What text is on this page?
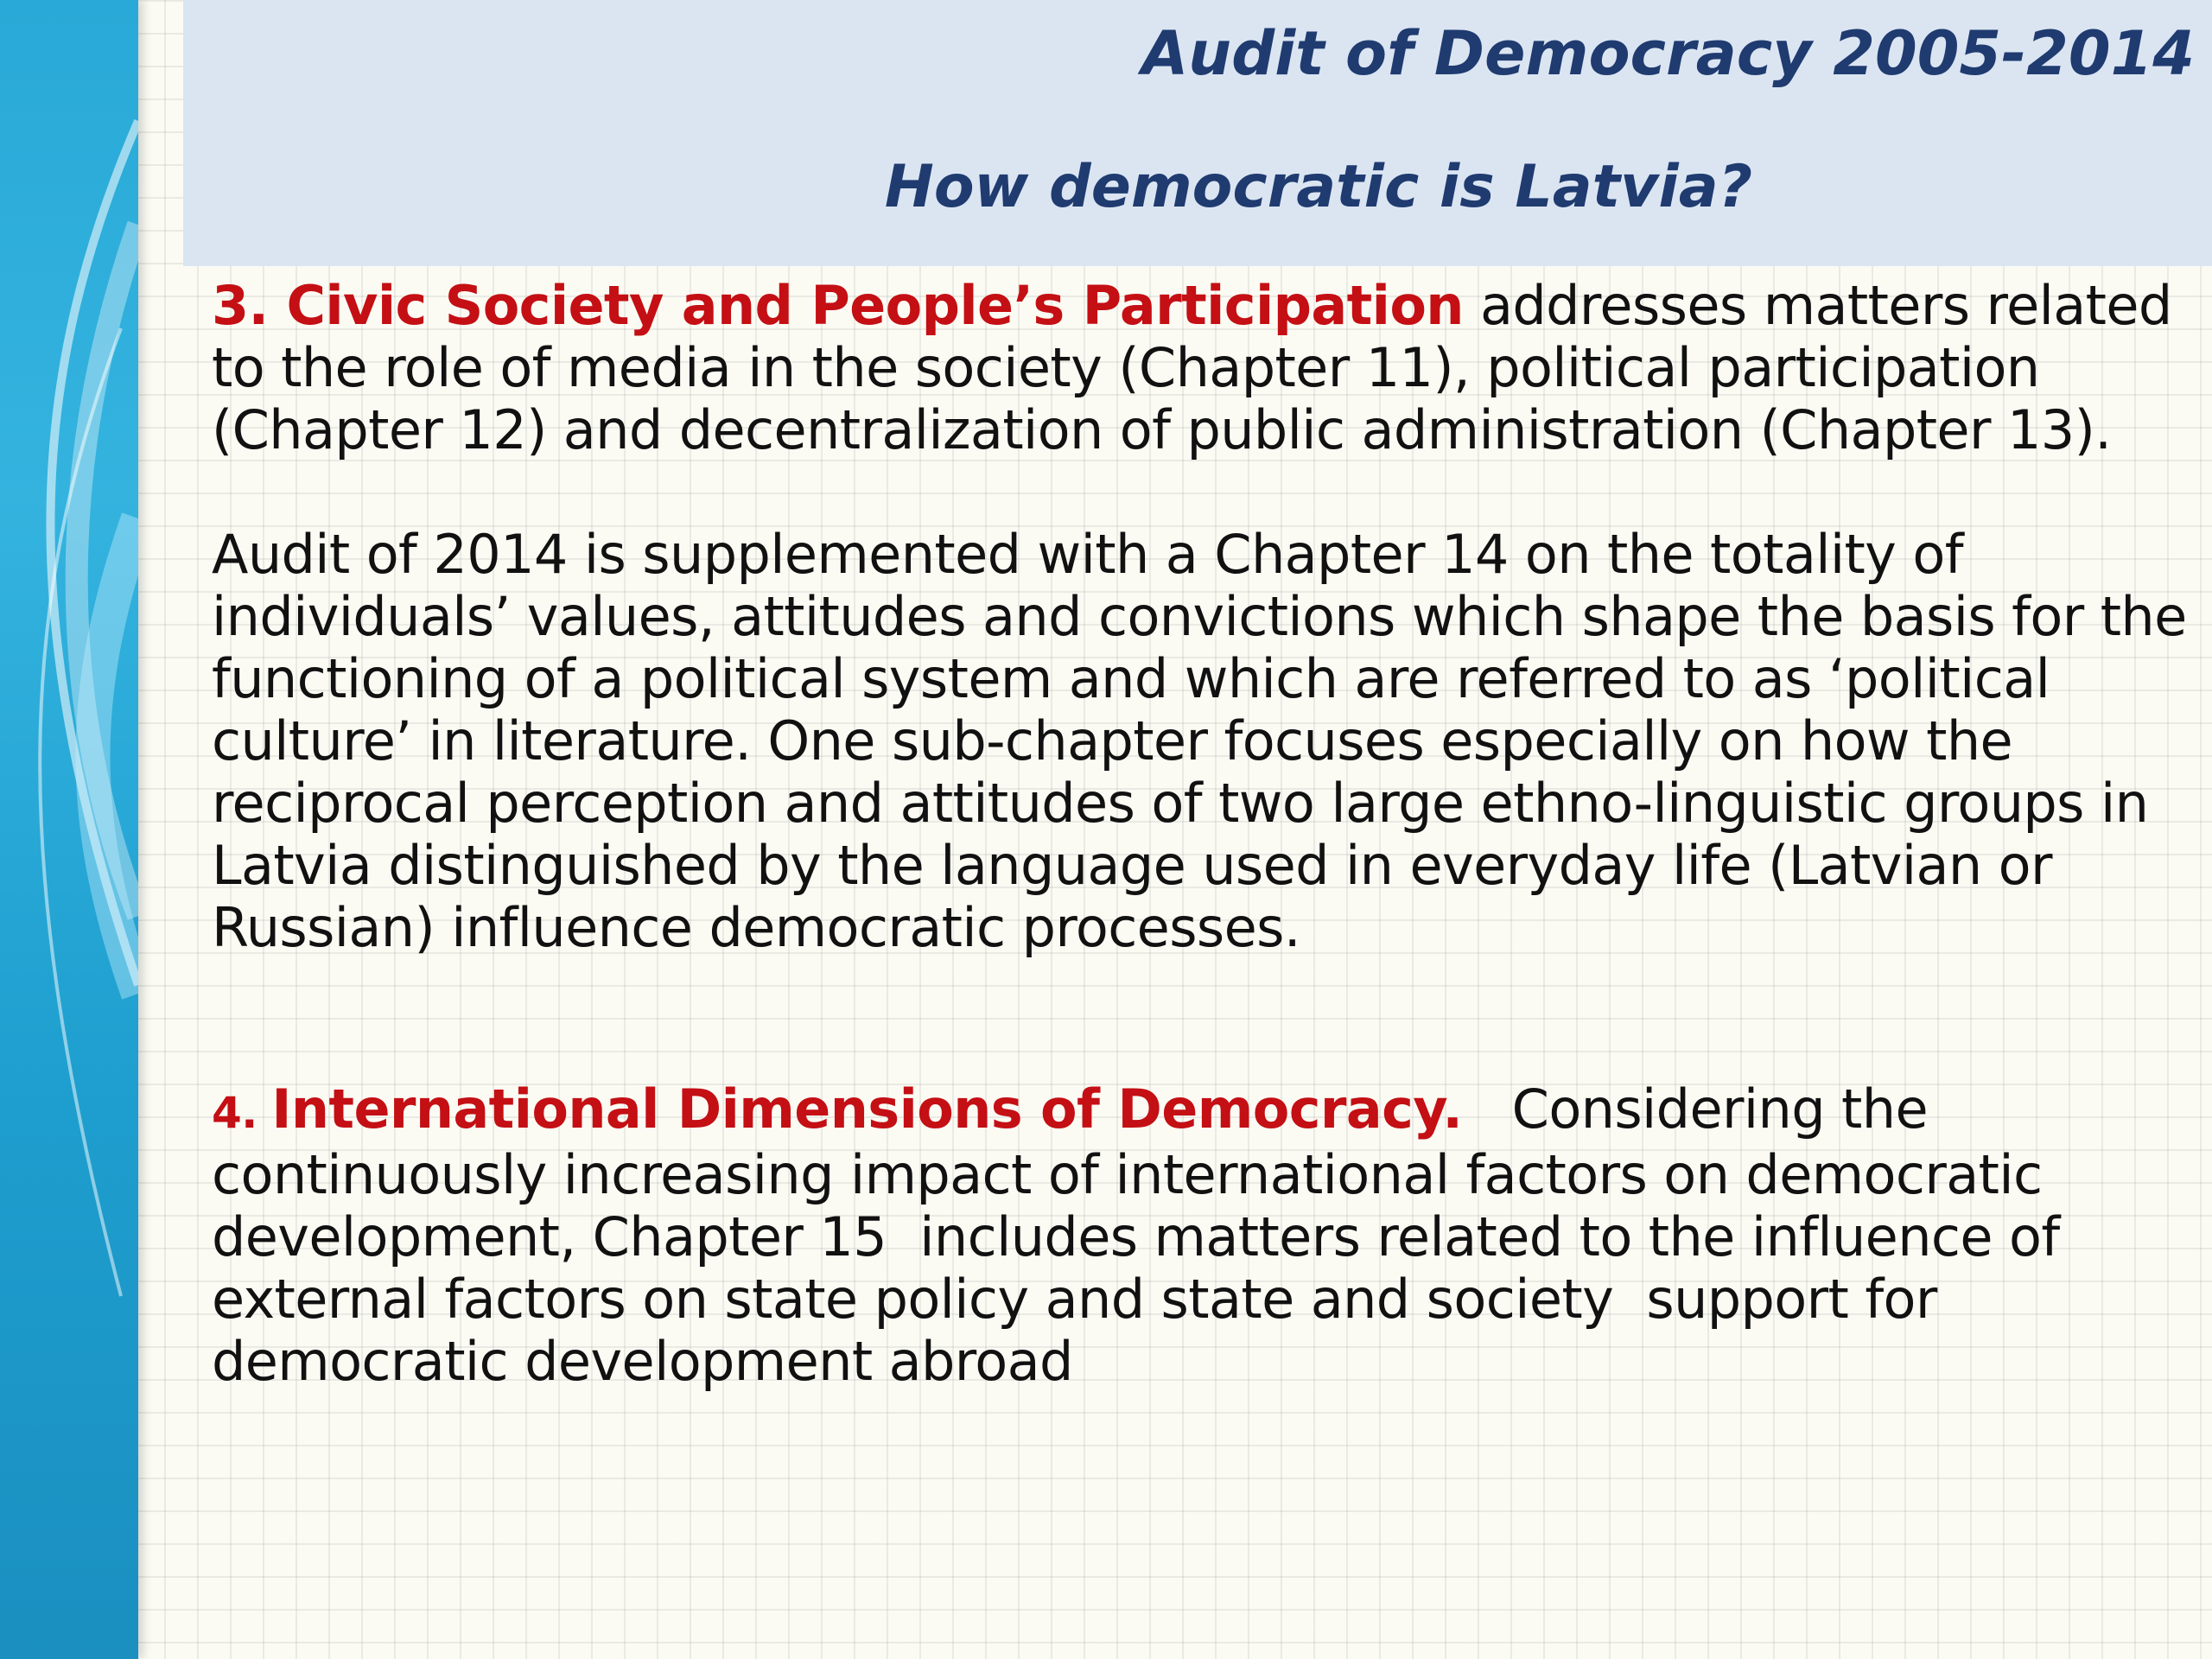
Audit of Democracy 2005-2014
How democratic is Latvia?

3. Civic Society and People’s Participation addresses matters related to the role of media in the society (Chapter 11), political participation (Chapter 12) and decentralization of public administration (Chapter 13).

Audit of 2014 is supplemented with a Chapter 14 on the totality of individuals’ values, attitudes and convictions which shape the basis for the functioning of a political system and which are referred to as ‘political culture’ in literature. One sub-chapter focuses especially on how the reciprocal perception and attitudes of two large ethno-linguistic groups in Latvia distinguished by the language used in everyday life (Latvian or Russian) influence democratic processes.

4. International Dimensions of Democracy.   Considering the continuously increasing impact of international factors on democratic development, Chapter 15  includes matters related to the influence of external factors on state policy and state and society  support for democratic development abroad
